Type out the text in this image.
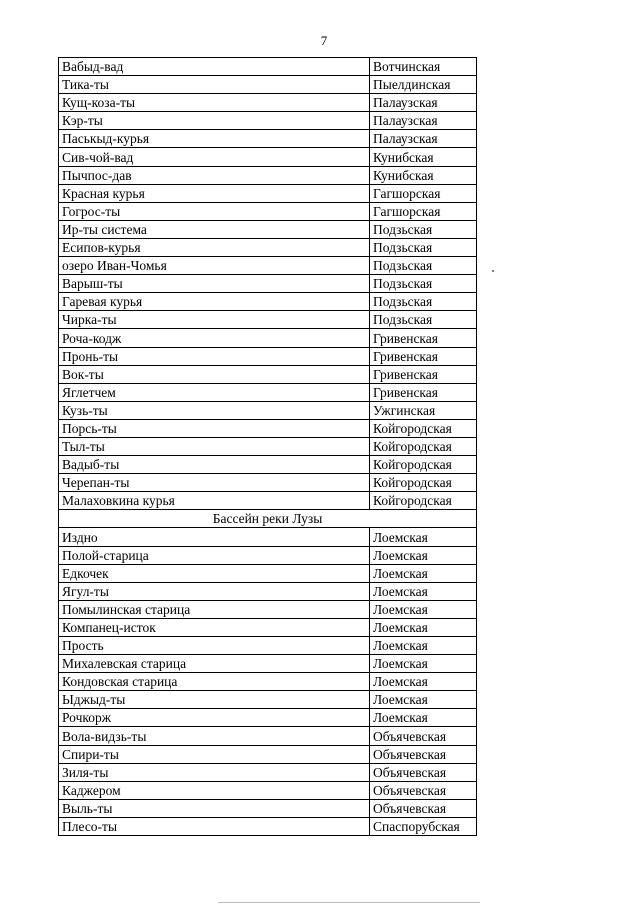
7
Вабыд-вад	Вотчинская
Тика-ты	Пыелдинская
Кущ-коза-ты	Палаузская
Кэр-ты	Палаузская
Паськыд-курья	Палаузская
Сив-чой-вад	Кунибская
Пычпос-дав	Кунибская
Красная курья	Гагшорская
Гогрос-ты	Гагшорская
Ир-ты система	Подзьская
Есипов-курья	Подзьская
озеро Иван-Чомья	Подзьская
Варыш-ты	Подзьская
Гаревая курья	Подзьская
Чирка-ты	Подзьская
Роча-кодж	Гривенская
Пронь-ты	Гривенская
Вок-ты	Гривенская
Яглетчем	Гривенская
Кузь-ты	Ужгинская
Порсь-ты	Койгородская
Тыл-ты	Койгородская
Вадыб-ты	Койгородская
Черепан-ты	Койгородская
Малаховкина курья	Койгородская
Бассейн реки Лузы	
Издно	Лоемская
Полой-старица	Лоемская
Едкочек	Лоемская
Ягул-ты	Лоемская
Помылинская старица	Лоемская
Компанец-исток	Лоемская
Прость	Лоемская
Михалевская старица	Лоемская
Кондовская старица	Лоемская
Ыджыд-ты	Лоемская
Рочкорж	Лоемская
Вола-видзь-ты	Объячевская
Спири-ты	Объячевская
Зиля-ты	Объячевская
Каджером	Объячевская
Выль-ты	Объячевская
Плесо-ты	Спаспорубская
